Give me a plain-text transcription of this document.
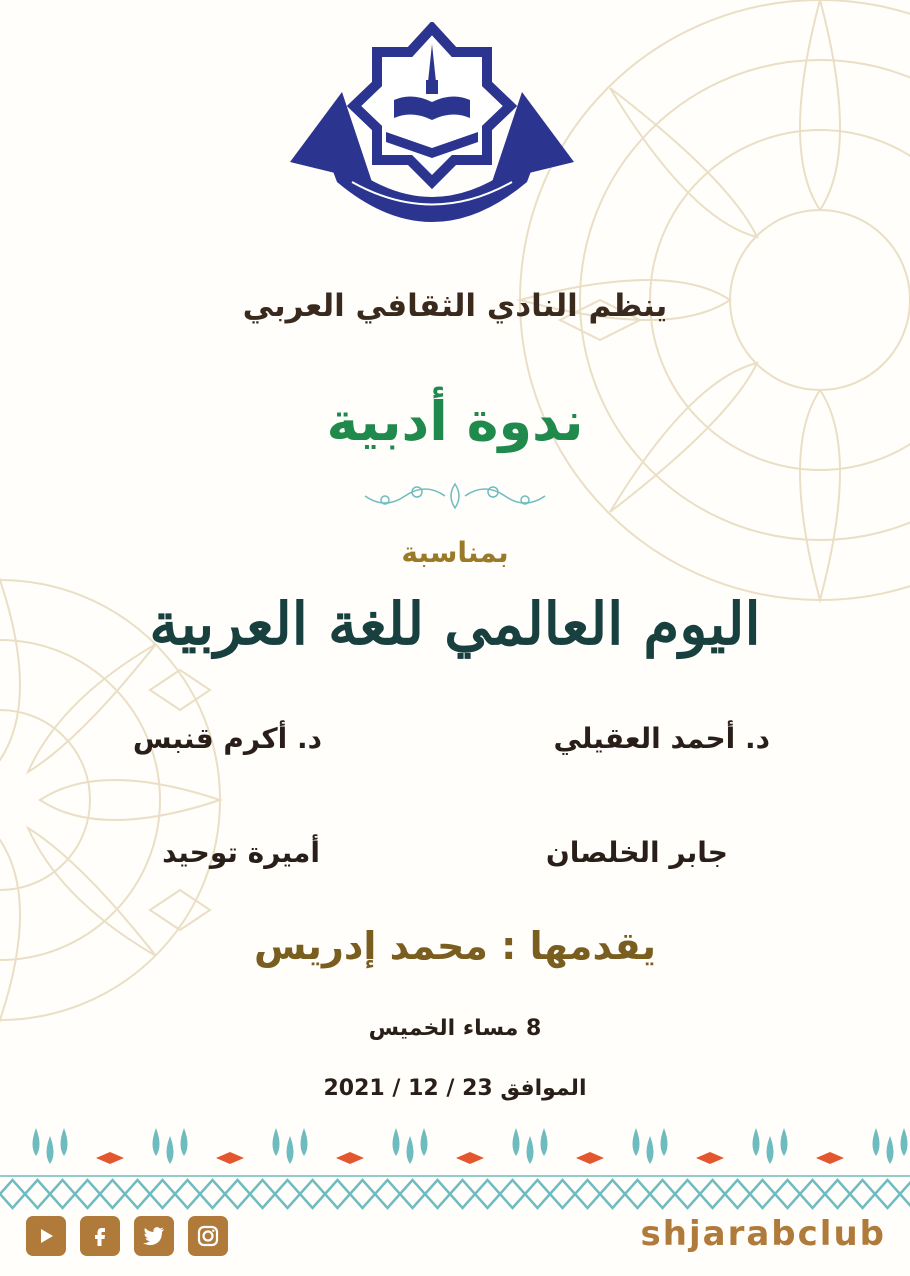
ينظم النادي الثقافي العربي
ندوة أدبية
بمناسبة
اليوم العالمي للغة العربية
د. أحمد العقيلي
د. أكرم قنبس
جابر الخلصان
أميرة توحيد
يقدمها : محمد إدريس
8 مساء الخميس
الموافق 23 / 12 / 2021
shjarabclub
